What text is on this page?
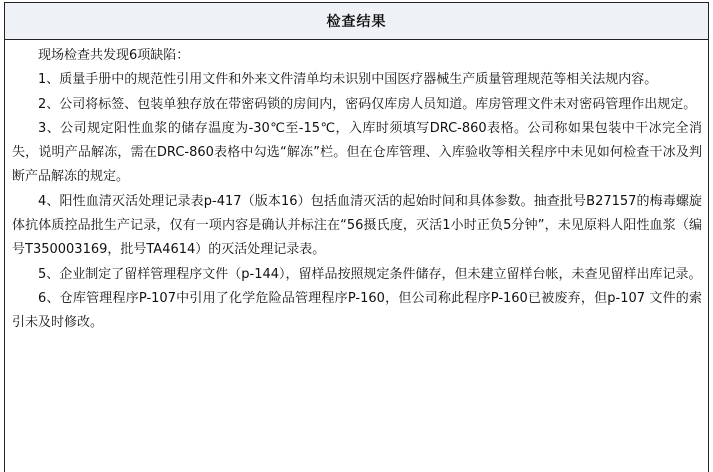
检查结果
现场检查共发现6项缺陷：
1、质量手册中的规范性引用文件和外来文件清单均未识别中国医疗器械生产质量管理规范等相关法规内容。
2、公司将标签、包装单独存放在带密码锁的房间内，密码仅库房人员知道。库房管理文件未对密码管理作出规定。
3、公司规定阳性血浆的储存温度为-30℃至-15℃，入库时须填写DRC-860表格。公司称如果包装中干冰完全消失，说明产品解冻，需在DRC-860表格中勾选“解冻”栏。但在仓库管理、入库验收等相关程序中未见如何检查干冰及判断产品解冻的规定。
4、阳性血清灭活处理记录表p-417（版本16）包括血清灭活的起始时间和具体参数。抽查批号B27157的梅毒螺旋体抗体质控品批生产记录，仅有一项内容是确认并标注在“56摄氏度，灭活1小时正负5分钟”，未见原料人阳性血浆（编号T350003169，批号TA4614）的灭活处理记录表。
5、企业制定了留样管理程序文件（p-144），留样品按照规定条件储存，但未建立留样台帐，未查见留样出库记录。
6、仓库管理程序P-107中引用了化学危险品管理程序P-160，但公司称此程序P-160已被废弃，但p-107 文件的索引未及时修改。
